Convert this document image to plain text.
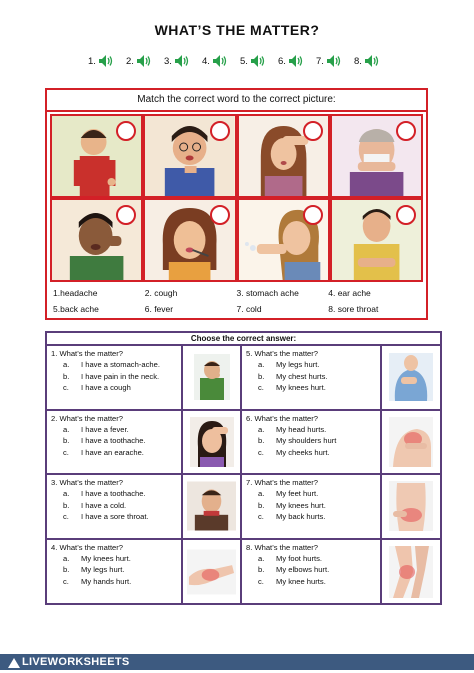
WHAT’S THE MATTER?
1.	2.	3.	4.	5.	6.	7.	8.
Match the correct word to the correct picture:
1.headache	2. cough	3. stomach ache	4. ear ache
5.back ache	6. fever	7. cold	8. sore throat
Choose the correct answer:
1. What’s the matter?
a.	I have a stomach-ache.
b.	I have pain in the neck.
c.	I have a cough
5. What’s the matter?
a.	My legs hurt.
b.	My chest hurts.
c.	My knees hurt.
2. What’s the matter?
a.	I have a fever.
b.	I have a toothache.
c.	I have an earache.
6. What’s the matter?
a.	My head hurts.
b.	My shoulders hurt
c.	My cheeks hurt.
3. What’s the matter?
a.	I have a toothache.
b.	I have a cold.
c.	I have a sore throat.
7. What’s the matter?
a.	My feet hurt.
b.	My knees hurt.
c.	My back hurts.
4. What’s the matter?
a.	My knees hurt.
b.	My legs hurt.
c.	My hands hurt.
8. What’s the matter?
a.	My foot hurts.
b.	My elbows hurt.
c.	My knee hurts.
LIVEWORKSHEETS
